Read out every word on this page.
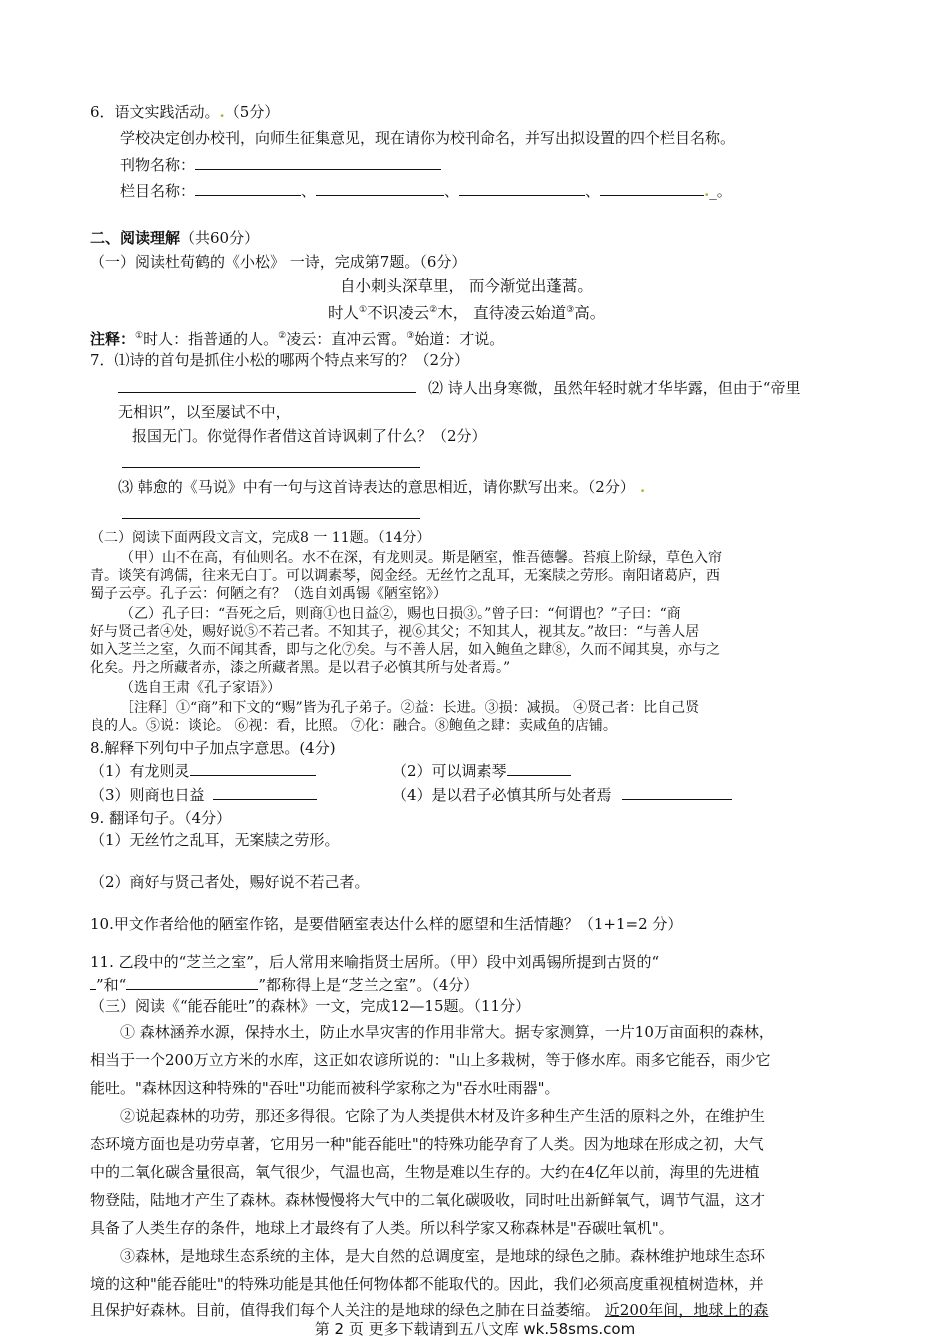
6．语文实践活动。.（5分）
学校决定创办校刊，向师生征集意见，现在请你为校刊命名，并写出拟设置的四个栏目名称。
刊物名称：
栏目名称：	、	、	、	._。
二、阅读理解（共60分）
（一）阅读杜荀鹤的《小松》 一诗，完成第7题。（6分）
自小刺头深草里， 而今渐觉出蓬蒿。
时人①不识凌云②木， 直待凌云始道③高。
注释：①时人：指普通的人。②凌云：直冲云霄。③始道：才说。
7．⑴诗的首句是抓住小松的哪两个特点来写的？（2分）
⑵ 诗人出身寒微，虽然年轻时就才华毕露，但由于“帝里
无相识”，以至屡试不中，
报国无门。你觉得作者借这首诗讽刺了什么？（2分）
⑶ 韩愈的《马说》中有一句与这首诗表达的意思相近，请你默写出来。（2分） .
（二）阅读下面两段文言文，完成8 一 11题。（14分）
（甲）山不在高，有仙则名。水不在深，有龙则灵。斯是陋室，惟吾德馨。苔痕上阶绿，草色入帘
青。谈笑有鸿儒，往来无白丁。可以调素琴，阅金经。无丝竹之乱耳，无案牍之劳形。南阳诸葛庐，西
蜀子云亭。孔子云：何陋之有？（选自刘禹锡《陋室铭》）
（乙）孔子曰：“吾死之后，则商①也日益②，赐也日损③。”曾子曰：“何谓也？”子曰：“商
好与贤己者④处，赐好说⑤不若己者。不知其子，视⑥其父；不知其人，视其友。”故曰：“与善人居
如入芝兰之室，久而不闻其香，即与之化⑦矣。与不善人居，如入鲍鱼之肆⑧，久而不闻其臭，亦与之
化矣。丹之所藏者赤，漆之所藏者黑。是以君子必慎其所与处者焉。”
（选自王肃《孔子家语》）
［注释］①“商”和下文的“赐”皆为孔子弟子。②益：长进。③损：减损。 ④贤己者：比自己贤
良的人。⑤说：谈论。 ⑥视：看，比照。 ⑦化：融合。⑧鲍鱼之肆：卖咸鱼的店铺。
8.解释下列句中子加点字意思。(4分)
（1）有龙则灵	（2）可以调素琴
（3）则商也日益	（4）是以君子必慎其所与处者焉
9. 翻译句子。（4分）
（1）无丝竹之乱耳，无案牍之劳形。
（2）商好与贤己者处，赐好说不若己者。
10.甲文作者给他的陋室作铭，是要借陋室表达什么样的愿望和生活情趣？（1+1=2 分）
11. 乙段中的“芝兰之室”，后人常用来喻指贤士居所。（甲）段中刘禹锡所提到古贤的“
”和“	”都称得上是“芝兰之室”。（4分）
（三）阅读《“能吞能吐”的森林》一文，完成12—15题。（11分）
① 森林涵养水源，保持水土，防止水旱灾害的作用非常大。据专家测算，一片10万亩面积的森林，
相当于一个200万立方米的水库，这正如农谚所说的："山上多栽树，等于修水库。雨多它能吞，雨少它
能吐。"森林因这种特殊的"吞吐"功能而被科学家称之为"吞水吐雨器"。
②说起森林的功劳，那还多得很。它除了为人类提供木材及许多种生产生活的原料之外，在维护生
态环境方面也是功劳卓著，它用另一种"能吞能吐"的特殊功能孕育了人类。因为地球在形成之初，大气
中的二氧化碳含量很高，氧气很少，气温也高，生物是难以生存的。大约在4亿年以前，海里的先进植
物登陆，陆地才产生了森林。森林慢慢将大气中的二氧化碳吸收，同时吐出新鲜氧气，调节气温，这才
具备了人类生存的条件，地球上才最终有了人类。所以科学家又称森林是"吞碳吐氧机"。
③森林，是地球生态系统的主体，是大自然的总调度室，是地球的绿色之肺。森林维护地球生态环
境的这种"能吞能吐"的特殊功能是其他任何物体都不能取代的。因此，我们必须高度重视植树造林，并
且保护好森林。目前，值得我们每个人关注的是地球的绿色之肺在日益萎缩。 近200年间，地球上的森
第 2 页 更多下载请到五八文库 wk.58sms.com
